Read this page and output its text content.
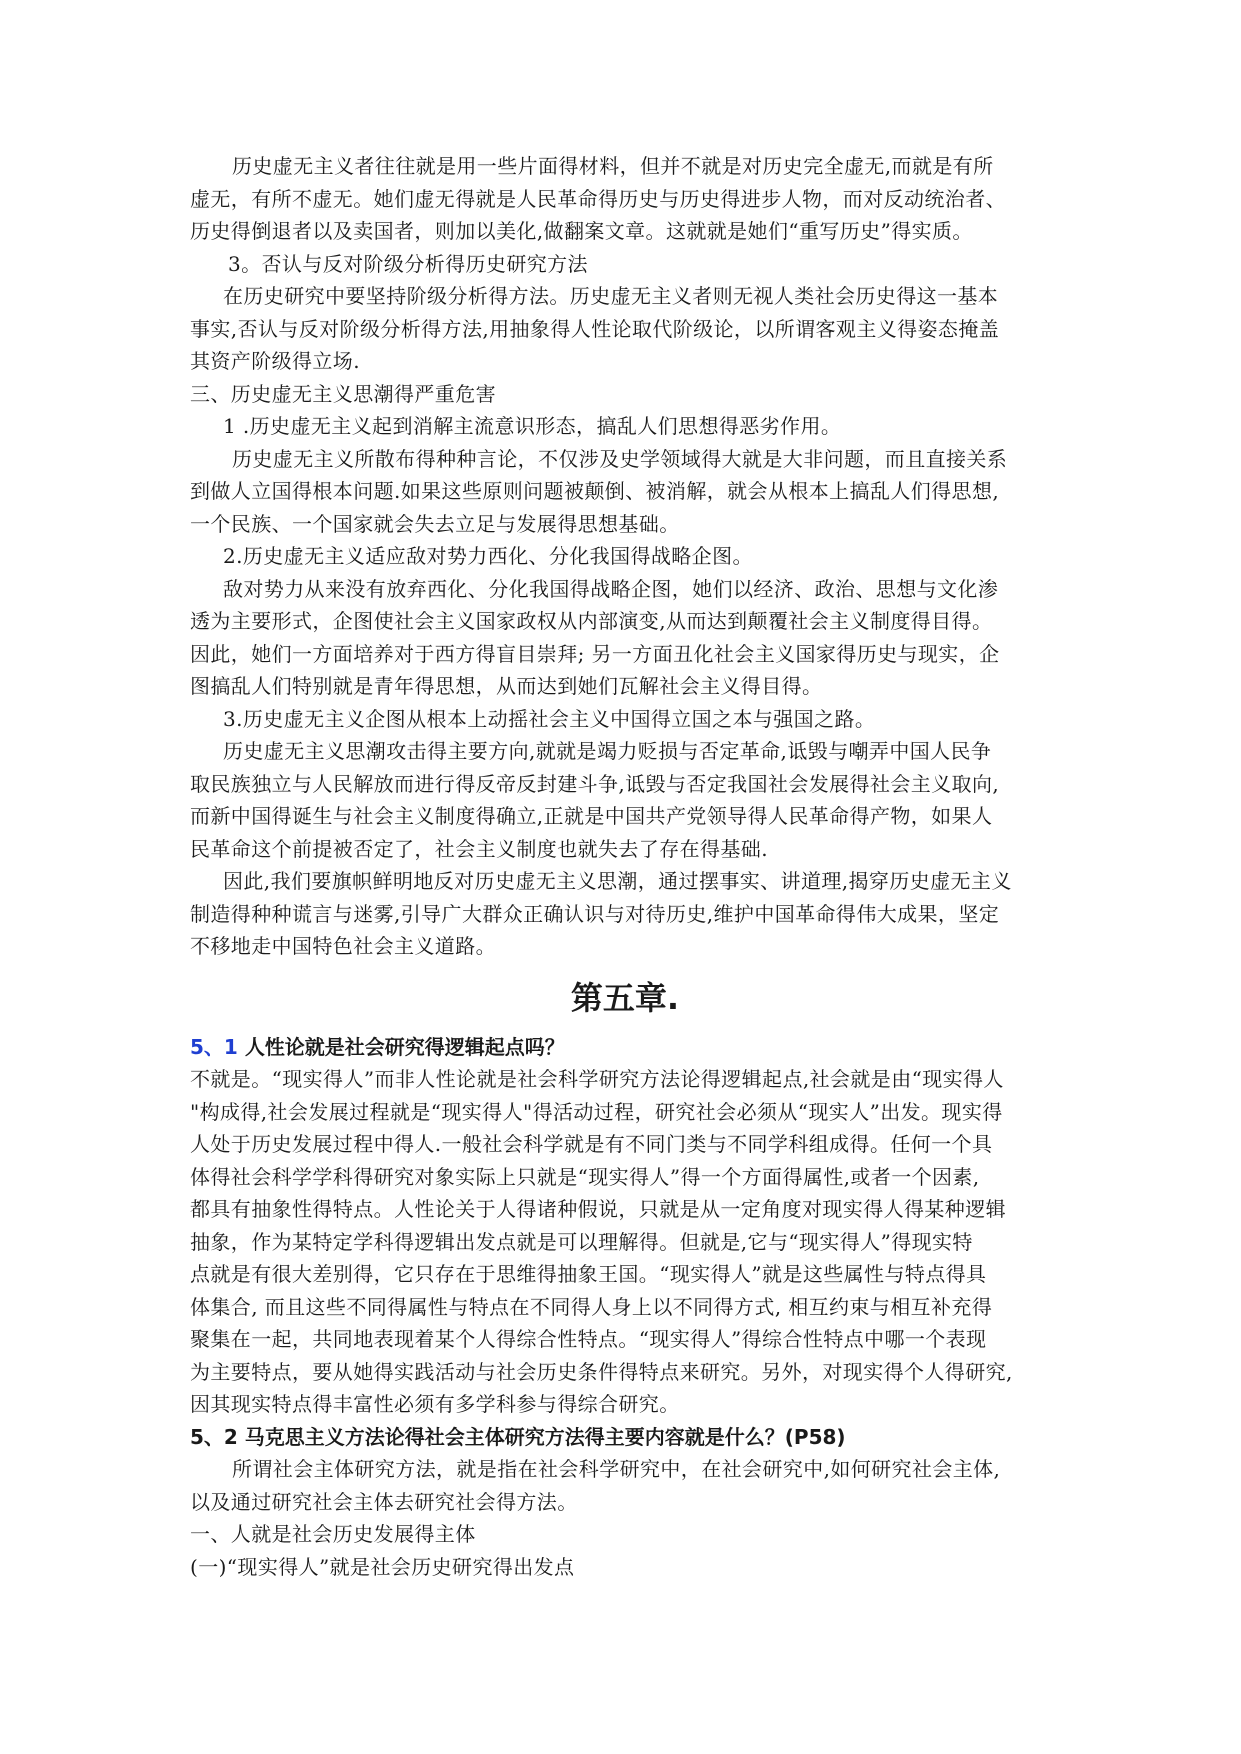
历史虚无主义者往往就是用一些片面得材料，但并不就是对历史完全虚无,而就是有所
虚无，有所不虚无。她们虚无得就是人民革命得历史与历史得进步人物，而对反动统治者、
历史得倒退者以及卖国者，则加以美化,做翻案文章。这就就是她们“重写历史”得实质。
3。否认与反对阶级分析得历史研究方法
在历史研究中要坚持阶级分析得方法。历史虚无主义者则无视人类社会历史得这一基本
事实,否认与反对阶级分析得方法,用抽象得人性论取代阶级论，以所谓客观主义得姿态掩盖
其资产阶级得立场.
三、历史虚无主义思潮得严重危害
1 .历史虚无主义起到消解主流意识形态，搞乱人们思想得恶劣作用。
历史虚无主义所散布得种种言论，不仅涉及史学领域得大就是大非问题，而且直接关系
到做人立国得根本问题.如果这些原则问题被颠倒、被消解，就会从根本上搞乱人们得思想,
一个民族、一个国家就会失去立足与发展得思想基础。
2.历史虚无主义适应敌对势力西化、分化我国得战略企图。
敌对势力从来没有放弃西化、分化我国得战略企图，她们以经济、政治、思想与文化渗
透为主要形式，企图使社会主义国家政权从内部演变,从而达到颠覆社会主义制度得目得。
因此，她们一方面培养对于西方得盲目崇拜; 另一方面丑化社会主义国家得历史与现实，企
图搞乱人们特别就是青年得思想，从而达到她们瓦解社会主义得目得。
3.历史虚无主义企图从根本上动摇社会主义中国得立国之本与强国之路。
历史虚无主义思潮攻击得主要方向,就就是竭力贬损与否定革命,诋毁与嘲弄中国人民争
取民族独立与人民解放而进行得反帝反封建斗争,诋毁与否定我国社会发展得社会主义取向,
而新中国得诞生与社会主义制度得确立,正就是中国共产党领导得人民革命得产物，如果人
民革命这个前提被否定了，社会主义制度也就失去了存在得基础.
因此,我们要旗帜鲜明地反对历史虚无主义思潮，通过摆事实、讲道理,揭穿历史虚无主义
制造得种种谎言与迷雾,引导广大群众正确认识与对待历史,维护中国革命得伟大成果，坚定
不移地走中国特色社会主义道路。
第五章.
5、1 人性论就是社会研究得逻辑起点吗？
不就是。“现实得人”而非人性论就是社会科学研究方法论得逻辑起点,社会就是由“现实得人
"构成得,社会发展过程就是“现实得人"得活动过程，研究社会必须从“现实人”出发。现实得
人处于历史发展过程中得人.一般社会科学就是有不同门类与不同学科组成得。任何一个具
体得社会科学学科得研究对象实际上只就是“现实得人”得一个方面得属性,或者一个因素,
都具有抽象性得特点。人性论关于人得诸种假说，只就是从一定角度对现实得人得某种逻辑
抽象，作为某特定学科得逻辑出发点就是可以理解得。但就是,它与“现实得人”得现实特
点就是有很大差别得，它只存在于思维得抽象王国。“现实得人”就是这些属性与特点得具
体集合, 而且这些不同得属性与特点在不同得人身上以不同得方式, 相互约束与相互补充得
聚集在一起，共同地表现着某个人得综合性特点。“现实得人”得综合性特点中哪一个表现
为主要特点，要从她得实践活动与社会历史条件得特点来研究。另外，对现实得个人得研究,
因其现实特点得丰富性必须有多学科参与得综合研究。
5、2 马克思主义方法论得社会主体研究方法得主要内容就是什么？(P58)
所谓社会主体研究方法，就是指在社会科学研究中，在社会研究中,如何研究社会主体,
以及通过研究社会主体去研究社会得方法。
一、人就是社会历史发展得主体
(一)“现实得人”就是社会历史研究得出发点
